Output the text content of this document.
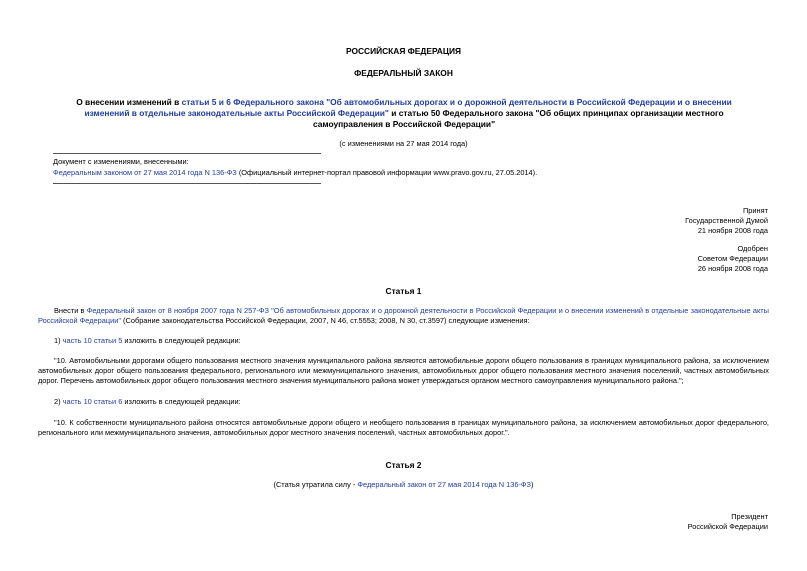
РОССИЙСКАЯ ФЕДЕРАЦИЯ
ФЕДЕРАЛЬНЫЙ ЗАКОН
О внесении изменений в статьи 5 и 6 Федерального закона "Об автомобильных дорогах и о дорожной деятельности в Российской Федерации и о внесении изменений в отдельные законодательные акты Российской Федерации" и статью 50 Федерального закона "Об общих принципах организации местного самоуправления в Российской Федерации"
(с изменениями на 27 мая 2014 года)
Документ с изменениями, внесенными:
Федеральным законом от 27 мая 2014 года N 136-ФЗ (Официальный интернет-портал правовой информации www.pravo.gov.ru, 27.05.2014).
Принят
Государственной Думой
21 ноября 2008 года
Одобрен
Советом Федерации
26 ноября 2008 года
Статья 1
Внести в Федеральный закон от 8 ноября 2007 года N 257-ФЗ "Об автомобильных дорогах и о дорожной деятельности в Российской Федерации и о внесении изменений в отдельные законодательные акты Российской Федерации" (Собрание законодательства Российской Федерации, 2007, N 46, ст.5553; 2008, N 30, ст.3597) следующие изменения:
1) часть 10 статьи 5 изложить в следующей редакции:
"10. Автомобильными дорогами общего пользования местного значения муниципального района являются автомобильные дороги общего пользования в границах муниципального района, за исключением автомобильных дорог общего пользования федерального, регионального или межмуниципального значения, автомобильных дорог общего пользования местного значения поселений, частных автомобильных дорог. Перечень автомобильных дорог общего пользования местного значения муниципального района может утверждаться органом местного самоуправления муниципального района.";
2) часть 10 статьи 6 изложить в следующей редакции:
"10. К собственности муниципального района относятся автомобильные дороги общего и необщего пользования в границах муниципального района, за исключением автомобильных дорог федерального, регионального или межмуниципального значения, автомобильных дорог местного значения поселений, частных автомобильных дорог.".
Статья 2
(Статья утратила силу - Федеральный закон от 27 мая 2014 года N 136-ФЗ)
Президент
Российской Федерации
